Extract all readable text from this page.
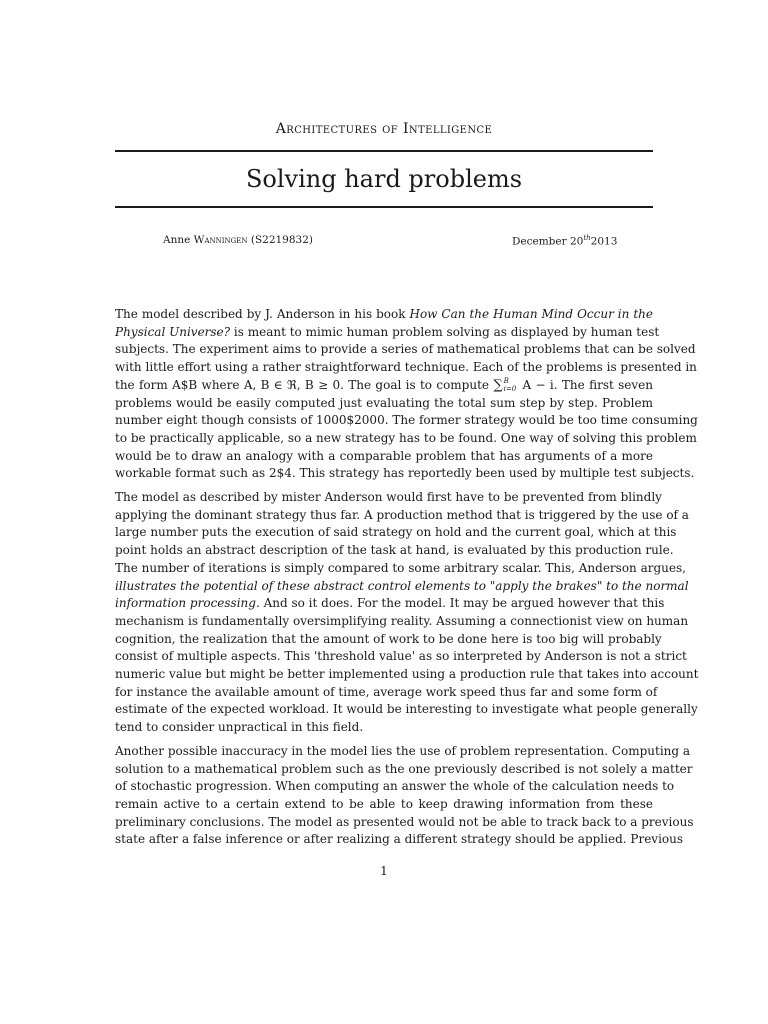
Architectures of Intelligence
Solving hard problems
Anne Wanningen (S2219832)	December 20th2013

The model described by J. Anderson in his book How Can the Human Mind Occur in the
Physical Universe? is meant to mimic human problem solving as displayed by human test
subjects. The experiment aims to provide a series of mathematical problems that can be solved
with little effort using a rather straightforward technique. Each of the problems is presented in
the form A$B where A, B ∈ ℜ, B ≥ 0. The goal is to compute ∑ B
i=0 A − i. The first seven
problems would be easily computed just evaluating the total sum step by step. Problem
number eight though consists of 1000$2000. The former strategy would be too time consuming
to be practically applicable, so a new strategy has to be found. One way of solving this problem
would be to draw an analogy with a comparable problem that has arguments of a more
workable format such as 2$4. This strategy has reportedly been used by multiple test subjects.

The model as described by mister Anderson would first have to be prevented from blindly
applying the dominant strategy thus far. A production method that is triggered by the use of a
large number puts the execution of said strategy on hold and the current goal, which at this
point holds an abstract description of the task at hand, is evaluated by this production rule.
The number of iterations is simply compared to some arbitrary scalar. This, Anderson argues,
illustrates the potential of these abstract control elements to "apply the brakes" to the normal
information processing. And so it does. For the model. It may be argued however that this
mechanism is fundamentally oversimplifying reality. Assuming a connectionist view on human
cognition, the realization that the amount of work to be done here is too big will probably
consist of multiple aspects. This 'threshold value' as so interpreted by Anderson is not a strict
numeric value but might be better implemented using a production rule that takes into account
for instance the available amount of time, average work speed thus far and some form of
estimate of the expected workload. It would be interesting to investigate what people generally
tend to consider unpractical in this field.

Another possible inaccuracy in the model lies the use of problem representation. Computing a
solution to a mathematical problem such as the one previously described is not solely a matter
of stochastic progression. When computing an answer the whole of the calculation needs to
remain active to a certain extend to be able to keep drawing information from these
preliminary conclusions. The model as presented would not be able to track back to a previous
state after a false inference or after realizing a different strategy should be applied. Previous

1
